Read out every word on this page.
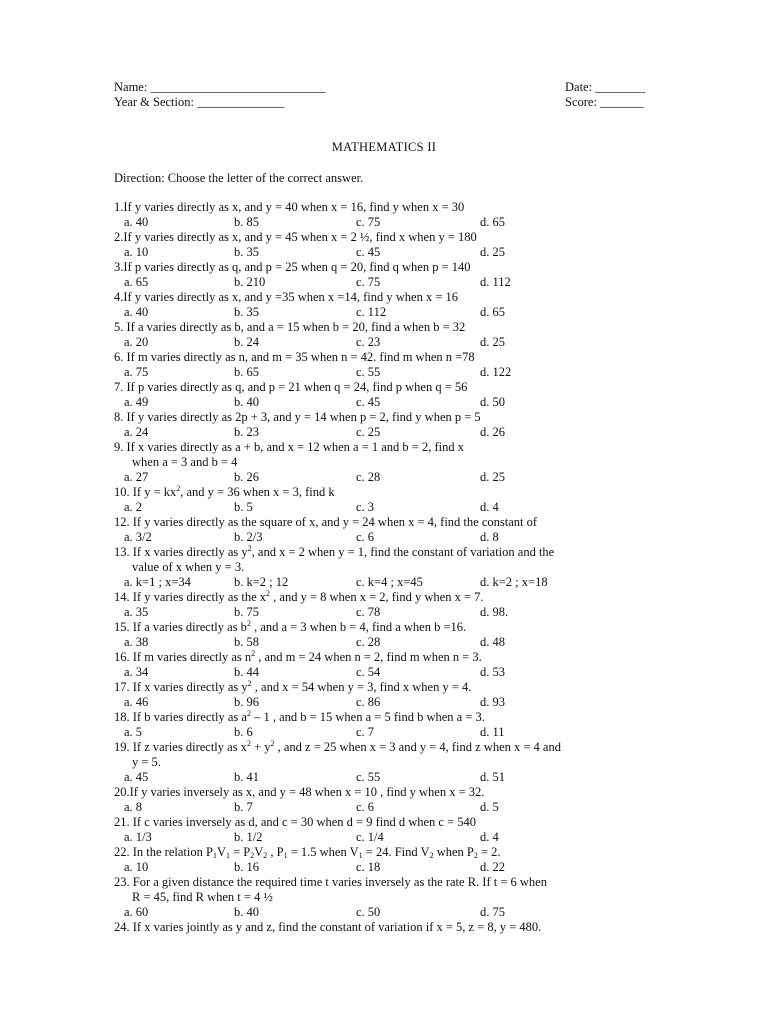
Name: ____________________________	Date: ________
Year & Section: ______________	Score: _______
MATHEMATICS II
Direction: Choose the letter of the correct answer.
1.If y varies directly as x, and y = 40 when x = 16, find y when x = 30
a. 40	b. 85	c. 75	d. 65
2.If y varies directly as x, and y = 45 when x = 2 ½, find x when y = 180
a. 10	b. 35	c. 45	d. 25
3.If p varies directly as q, and p = 25 when q = 20, find q when p = 140
a. 65	b. 210	c. 75	d. 112
4.If y varies directly as x, and y =35 when x =14, find y when x = 16
a. 40	b. 35	c. 112	d. 65
5. If a varies directly as b, and a = 15 when b = 20, find a when b = 32
a. 20	b. 24	c. 23	d. 25
6. If m varies directly as n, and m = 35 when n = 42. find m when n =78
a. 75	b. 65	c. 55	d. 122
7. If p varies directly as q, and p = 21 when q = 24, find p when q = 56
a. 49	b. 40	c. 45	d. 50
8. If y varies directly as 2p + 3, and y = 14 when p = 2, find y when p = 5
a. 24	b. 23	c. 25	d. 26
9. If x varies directly as a + b, and x = 12 when a = 1 and b = 2, find x
when a = 3 and b = 4
a. 27	b. 26	c. 28	d. 25
10. If $y = kx^2$, and y = 36 when x = 3, find k
a. 2	b. 5	c. 3	d. 4
12. If y varies directly as the square of x, and y = 24 when x = 4, find the constant of
a. 3/2	b. 2/3	c. 6	d. 8
13. If x varies directly as $y^2$, and x = 2 when y = 1, find the constant of variation and the
value of x when y = 3.
a. k=1 ; x=34	b. k=2 ; 12	c. k=4 ; x=45	d. k=2 ; x=18
14. If y varies directly as the $x^2$ , and y = 8 when x = 2, find y when x = 7.
a. 35	b. 75	c. 78	d. 98.
15. If a varies directly as $b^2$ , and a = 3 when b = 4, find a when b =16.
a. 38	b. 58	c. 28	d. 48
16. If m varies directly as $n^2$ , and m = 24 when n = 2, find m when n = 3.
a. 34	b. 44	c. 54	d. 53
17. If x varies directly as $y^2$ , and x = 54 when y = 3, find x when y = 4.
a. 46	b. 96	c. 86	d. 93
18. If b varies directly as $a^2 - 1$ , and b = 15 when a = 5 find b when a = 3.
a. 5	b. 6	c. 7	d. 11
19. If z varies directly as $x^2 + y^2$ , and z = 25 when x = 3 and y = 4, find z when x = 4 and
y = 5.
a. 45	b. 41	c. 55	d. 51
20.If y varies inversely as x, and y = 48 when x = 10 , find y when x = 32.
a. 8	b. 7	c. 6	d. 5
21. If c varies inversely as d, and c = 30 when d = 9 find d when c = 540
a. 1/3	b. 1/2	c. 1/4	d. 4
22. In the relation $P_1V_1 = P_2V_2$ , $P_1 = 1.5$ when $V_1 = 24$. Find $V_2$ when $P_2 = 2$.
a. 10	b. 16	c. 18	d. 22
23. For a given distance the required time t varies inversely as the rate R. If t = 6 when
R = 45, find R when t = 4 ½
a. 60	b. 40	c. 50	d. 75
24. If x varies jointly as y and z, find the constant of variation if x = 5, z = 8, y = 480.
